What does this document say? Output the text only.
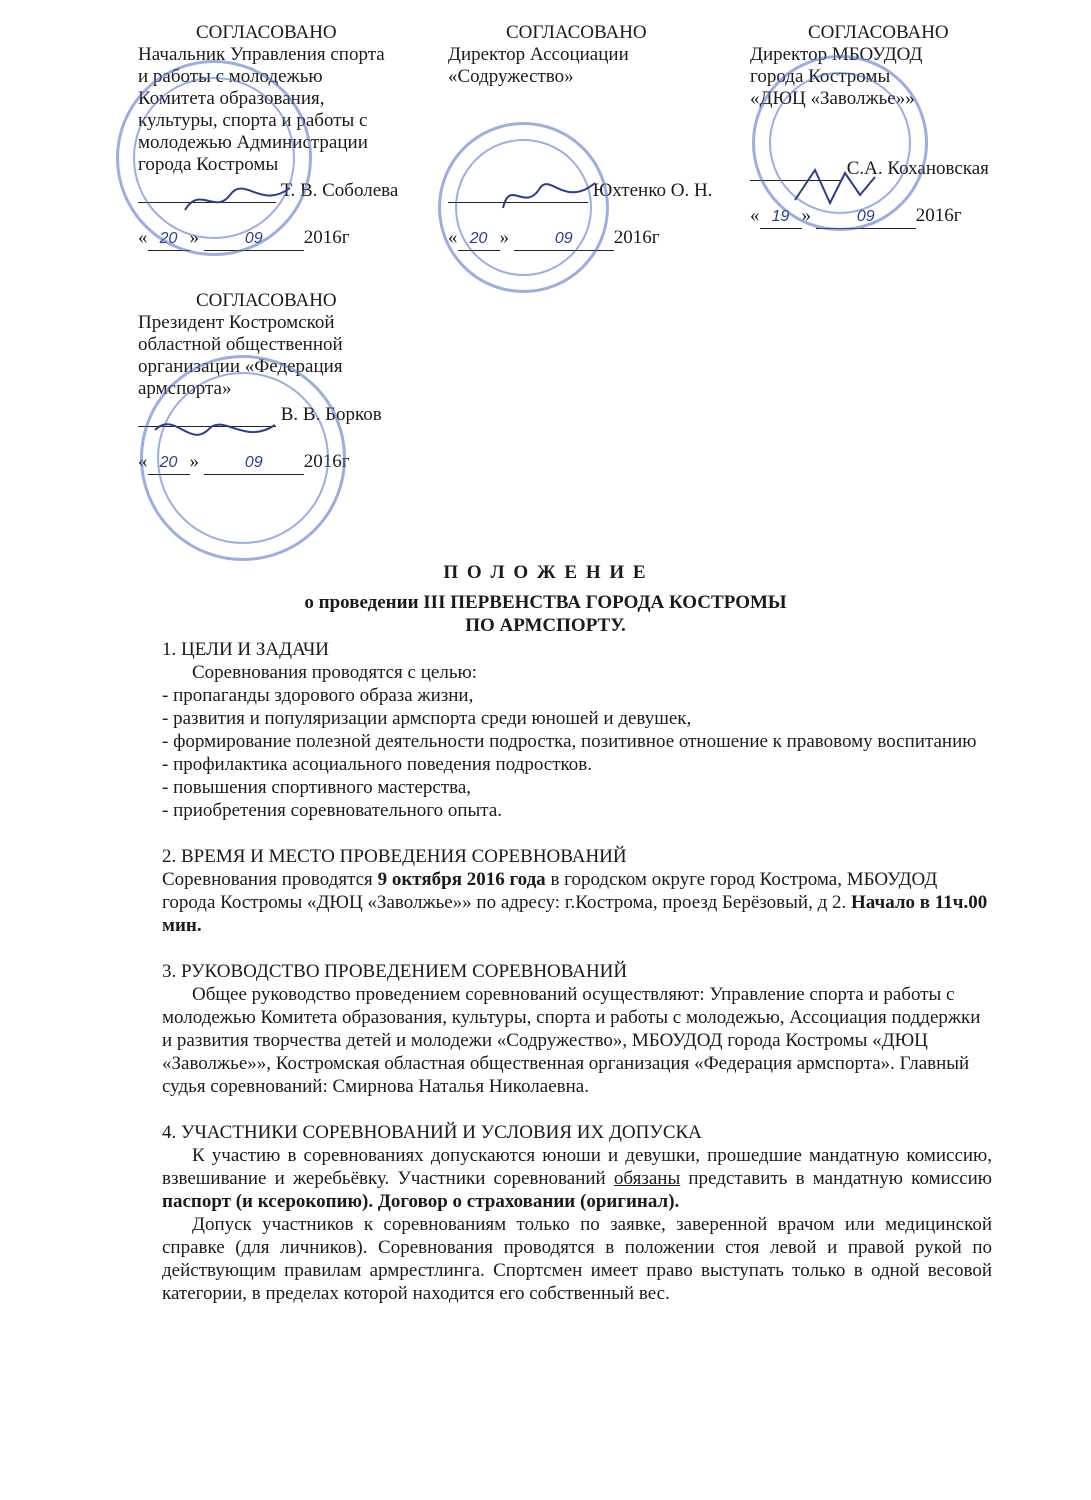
СОГЛАСОВАНО
Начальник Управления спорта
и работы с молодежью
Комитета образования,
культуры, спорта и работы с
молодежью Администрации
города Костромы
Т. В. Соболева
« 20 »	09 2016г
СОГЛАСОВАНО
Директор Ассоциации
«Содружество»
Юхтенко О. Н.
« 20 »	09 2016г
СОГЛАСОВАНО
Директор МБОУДОД
города Костромы
«ДЮЦ «Заволжье»»
С.А. Кохановская
« 19 »	09 2016г
СОГЛАСОВАНО
Президент Костромской
областной общественной
организации «Федерация
армспорта»
В. В. Борков
« 20 »	09 2016г
П О Л О Ж Е Н И Е
о проведении III ПЕРВЕНСТВА ГОРОДА КОСТРОМЫ
ПО АРМСПОРТУ.

1. ЦЕЛИ И ЗАДАЧИ

Соревнования проводятся с целью:

- пропаганды здорового образа жизни,

- развития и популяризации армспорта среди юношей и девушек,

- формирование полезной деятельности подростка, позитивное отношение к правовому воспитанию

- профилактика асоциального поведения подростков.

- повышения спортивного мастерства,

- приобретения соревновательного опыта.

2. ВРЕМЯ И МЕСТО ПРОВЕДЕНИЯ СОРЕВНОВАНИЙ

Соревнования проводятся 9 октября 2016 года в городском округе город Кострома, МБОУДОД города Костромы «ДЮЦ «Заволжье»» по адресу: г.Кострома, проезд Берёзовый, д 2. Начало в 11ч.00 мин.

3. РУКОВОДСТВО ПРОВЕДЕНИЕМ СОРЕВНОВАНИЙ

Общее руководство проведением соревнований осуществляют: Управление спорта и работы с молодежью Комитета образования, культуры, спорта и работы с молодежью, Ассоциация поддержки и развития творчества детей и молодежи «Содружество», МБОУДОД города Костромы «ДЮЦ «Заволжье»», Костромская областная общественная организация «Федерация армспорта». Главный судья соревнований: Смирнова Наталья Николаевна.

4. УЧАСТНИКИ СОРЕВНОВАНИЙ И УСЛОВИЯ ИХ ДОПУСКА

К участию в соревнованиях допускаются юноши и девушки, прошедшие мандатную комиссию, взвешивание и жеребьёвку. Участники соревнований обязаны представить в мандатную комиссию паспорт (и ксерокопию). Договор о страховании (оригинал).

Допуск участников к соревнованиям только по заявке, заверенной врачом или медицинской справке (для личников). Соревнования проводятся в положении стоя левой и правой рукой по действующим правилам армрестлинга. Спортсмен имеет право выступать только в одной весовой категории, в пределах которой находится его собственный вес.
